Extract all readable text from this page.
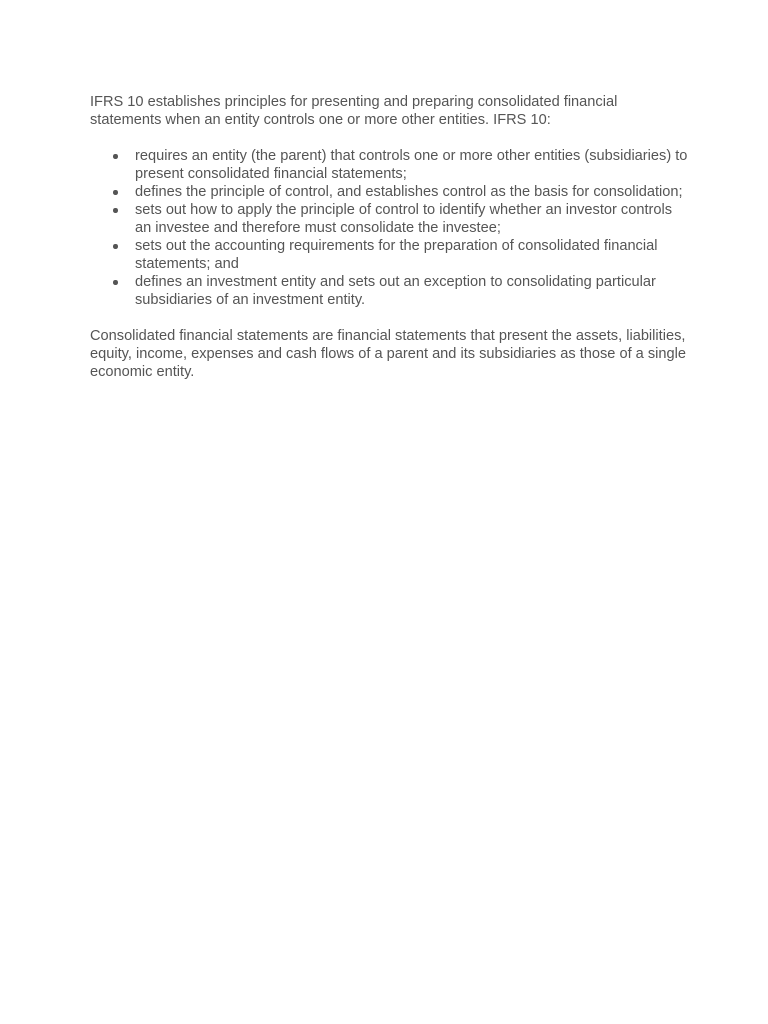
IFRS 10 establishes principles for presenting and preparing consolidated financial statements when an entity controls one or more other entities. IFRS 10:

requires an entity (the parent) that controls one or more other entities (subsidiaries) to present consolidated financial statements;
defines the principle of control, and establishes control as the basis for consolidation;
sets out how to apply the principle of control to identify whether an investor controls an investee and therefore must consolidate the investee;
sets out the accounting requirements for the preparation of consolidated financial statements; and
defines an investment entity and sets out an exception to consolidating particular subsidiaries of an investment entity.

Consolidated financial statements are financial statements that present the assets, liabilities, equity, income, expenses and cash flows of a parent and its subsidiaries as those of a single economic entity.
